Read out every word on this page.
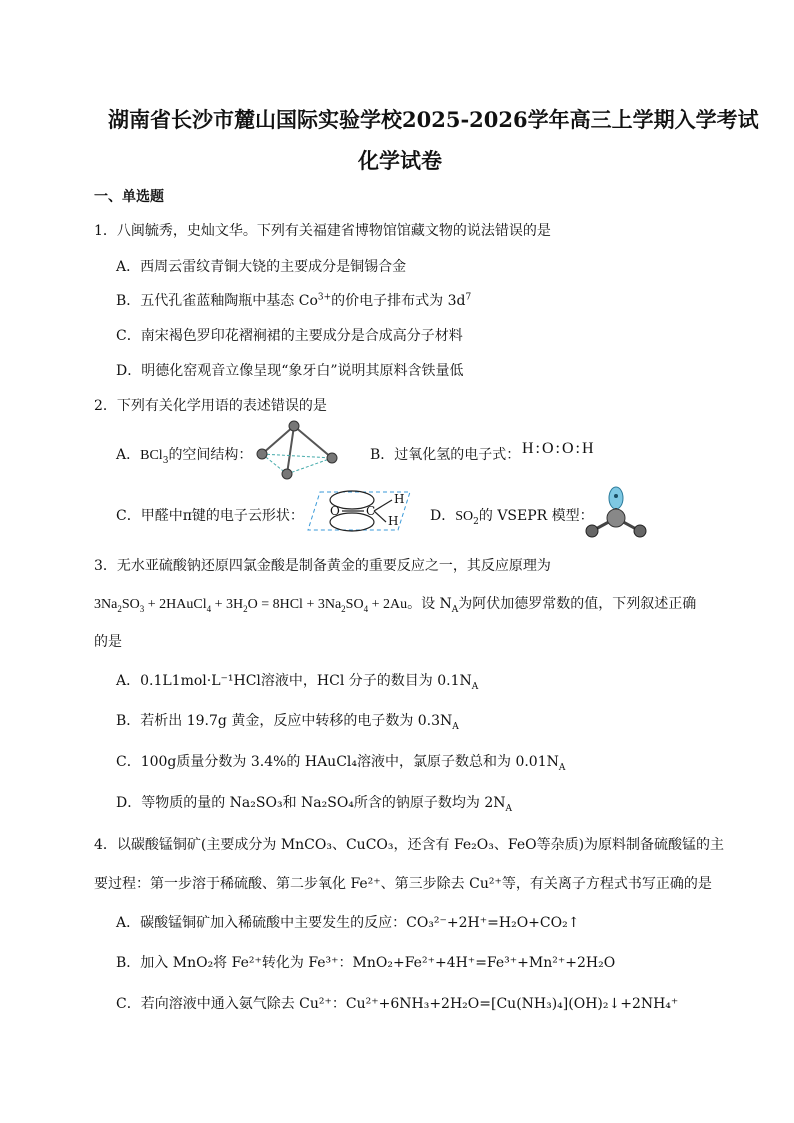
湖南省长沙市麓山国际实验学校2025-2026学年高三上学期入学考试
化学试卷
一、单选题
1．八闽毓秀，史灿文华。下列有关福建省博物馆馆藏文物的说法错误的是
A．西周云雷纹青铜大铙的主要成分是铜锡合金
B．五代孔雀蓝釉陶瓶中基态 $Co^{3+}$的价电子排布式为 $3d^7$
C．南宋褐色罗印花褶裥裙的主要成分是合成高分子材料
D．明德化窑观音立像呈现“象牙白”说明其原料含铁量低
2．下列有关化学用语的表述错误的是
A．BCl$_3$的空间结构：	B．过氧化氢的电子式： H:O:O:H
C．甲醛中π键的电子云形状： O C
H
H D．$SO_2$的 VSEPR 模型：
3．无水亚硫酸钠还原四氯金酸是制备黄金的重要反应之一，其反应原理为
$3Na_2SO_3$ + 2HAuCl$_4$ + $3H_2O = 8HCl + 3Na_2SO_4 + 2Au$。设 $N_A$为阿伏加德罗常数的值，下列叙述正确
的是
A．0.1L1mol·L⁻¹HCl溶液中，HCl 分子的数目为 $0.1N_A$
B．若析出 19.7g 黄金，反应中转移的电子数为 $0.3N_A$
C．100g质量分数为 3.4%的 HAuCl₄溶液中，氯原子数总和为 $0.01N_A$
D．等物质的量的 Na₂SO₃和 Na₂SO₄所含的钠原子数均为 $2N_A$
4．以碳酸锰铜矿(主要成分为 MnCO₃、CuCO₃，还含有 Fe₂O₃、FeO等杂质)为原料制备硫酸锰的主
要过程：第一步溶于稀硫酸、第二步氧化 Fe²⁺、第三步除去 Cu²⁺等，有关离子方程式书写正确的是
A．碳酸锰铜矿加入稀硫酸中主要发生的反应：CO₃²⁻+2H⁺=H₂O+CO₂↑
B．加入 MnO₂将 Fe²⁺转化为 Fe³⁺：MnO₂+Fe²⁺+4H⁺=Fe³⁺+Mn²⁺+2H₂O
C．若向溶液中通入氨气除去 Cu²⁺：Cu²⁺+6NH₃+2H₂O=[Cu(NH₃)₄](OH)₂↓+2NH₄⁺
